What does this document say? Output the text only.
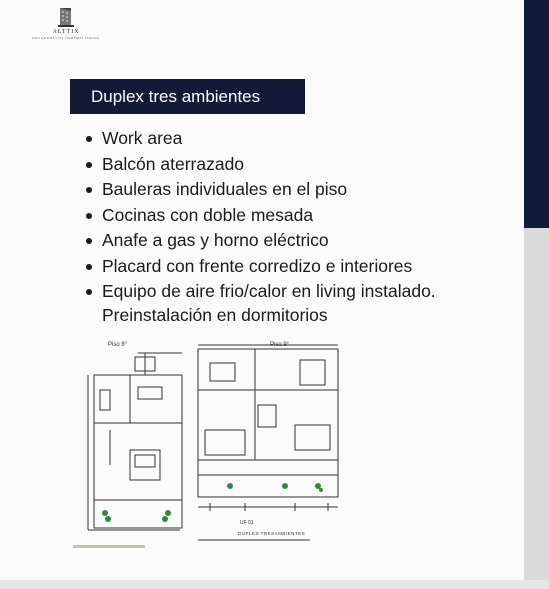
ALTTIX
DESARROLLOS INMOBILIARIOS
Duplex tres ambientes
Work area
Balcón aterrazado
Bauleras individuales en el piso
Cocinas con doble mesada
Anafe a gas y horno eléctrico
Placard con frente corredizo e interiores
Equipo de aire frio/calor en living instalado.
Preinstalación en dormitorios
Piso 8°	Piso 9°
UF 01
DUPLEX TRESAMBIENTES
